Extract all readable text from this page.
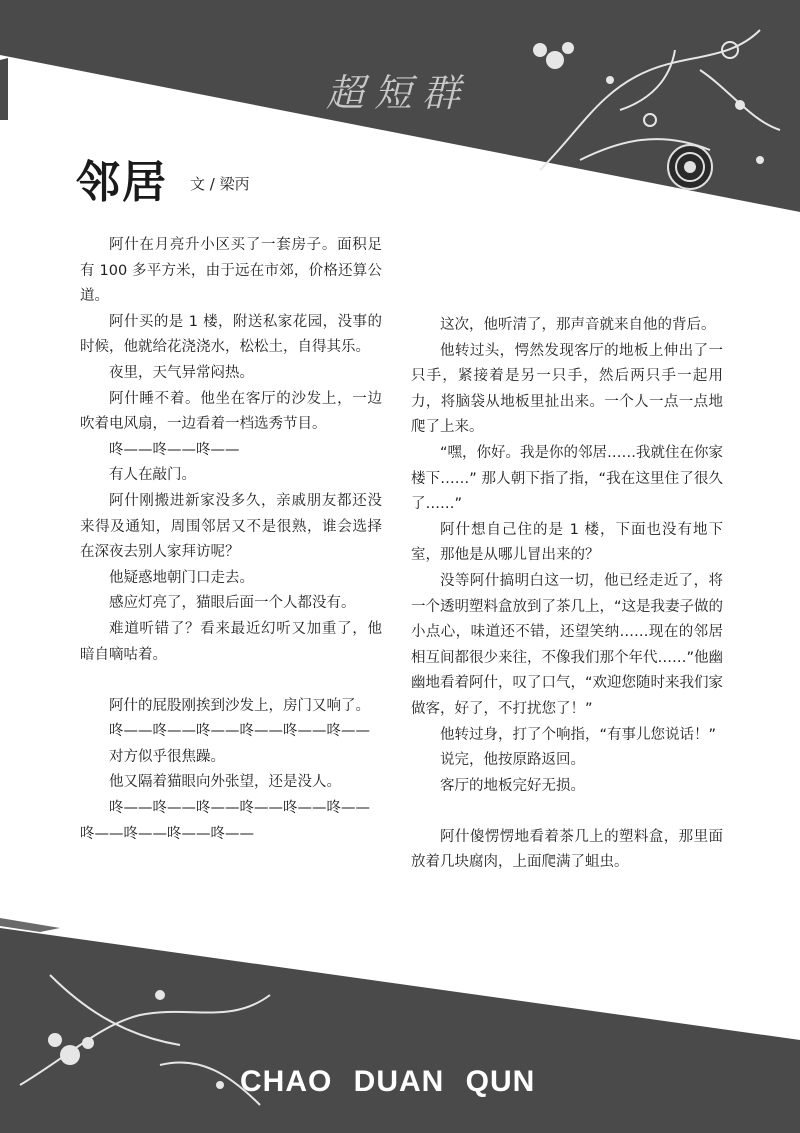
超短群
邻居 文 / 梁丙

阿什在月亮升小区买了一套房子。面积足有 100 多平方米，由于远在市郊，价格还算公道。

阿什买的是 1 楼，附送私家花园，没事的时候，他就给花浇浇水，松松土，自得其乐。

夜里，天气异常闷热。

阿什睡不着。他坐在客厅的沙发上，一边吹着电风扇，一边看着一档选秀节目。

咚——咚——咚——

有人在敲门。

阿什刚搬进新家没多久，亲戚朋友都还没来得及通知，周围邻居又不是很熟，谁会选择在深夜去别人家拜访呢？

他疑惑地朝门口走去。

感应灯亮了，猫眼后面一个人都没有。

难道听错了？看来最近幻听又加重了，他暗自嘀咕着。

阿什的屁股刚挨到沙发上，房门又响了。

咚——咚——咚——咚——咚——咚——

对方似乎很焦躁。

他又隔着猫眼向外张望，还是没人。

咚——咚——咚——咚——咚——咚——

咚——咚——咚——咚——

这次，他听清了，那声音就来自他的背后。

他转过头，愕然发现客厅的地板上伸出了一只手，紧接着是另一只手，然后两只手一起用力，将脑袋从地板里扯出来。一个人一点一点地爬了上来。

“嘿，你好。我是你的邻居……我就住在你家楼下……” 那人朝下指了指，“我在这里住了很久了……”

阿什想自己住的是 1 楼，下面也没有地下室，那他是从哪儿冒出来的？

没等阿什搞明白这一切，他已经走近了，将一个透明塑料盒放到了茶几上，“这是我妻子做的小点心，味道还不错，还望笑纳……现在的邻居相互间都很少来往，不像我们那个年代……”他幽幽地看着阿什，叹了口气，“欢迎您随时来我们家做客，好了，不打扰您了！”

他转过身，打了个响指，“有事儿您说话！”

说完，他按原路返回。

客厅的地板完好无损。

阿什傻愣愣地看着茶几上的塑料盒，那里面放着几块腐肉，上面爬满了蛆虫。

CHAO DUAN QUN
